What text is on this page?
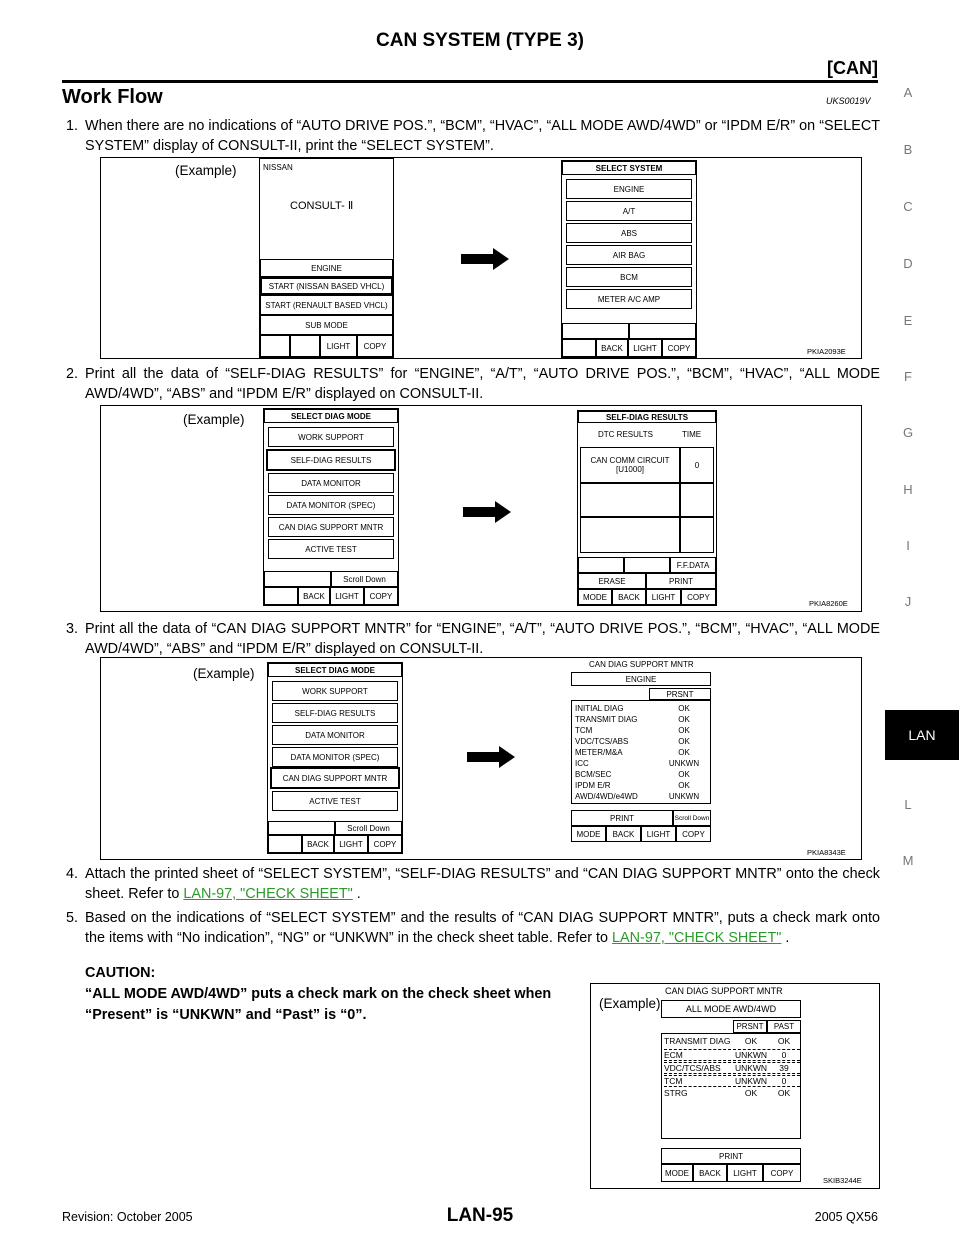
CAN SYSTEM (TYPE 3)
[CAN]
Work Flow	UKS0019V
1. When there are no indications of “AUTO DRIVE POS.”, “BCM”, “HVAC”, “ALL MODE AWD/4WD” or “IPDM E/R” on “SELECT SYSTEM” display of CONSULT-II, print the “SELECT SYSTEM”.
(Example)	NISSAN
CONSULT- Ⅱ
ENGINE
START (NISSAN BASED VHCL)
START (RENAULT BASED VHCL)
SUB MODE
LIGHT	COPY
SELECT SYSTEM
ENGINE
A/T
ABS
AIR BAG
BCM
METER A/C AMP
BACK	LIGHT	COPY	PKIA2093E
2. Print all the data of “SELF-DIAG RESULTS” for “ENGINE”, “A/T”, “AUTO DRIVE POS.”, “BCM”, “HVAC”, “ALL MODE AWD/4WD”, “ABS” and “IPDM E/R” displayed on CONSULT-II.
(Example)	SELECT DIAG MODE
WORK SUPPORT
SELF-DIAG RESULTS
DATA MONITOR
DATA MONITOR (SPEC)
CAN DIAG SUPPORT MNTR
ACTIVE TEST
Scroll Down
BACK	LIGHT	COPY
SELF-DIAG RESULTS
DTC RESULTS	TIME
CAN COMM CIRCUIT
[U1000]	0
F.F.DATA
ERASE	PRINT
MODE	BACK	LIGHT	COPY
PKIA8260E
3. Print all the data of “CAN DIAG SUPPORT MNTR” for “ENGINE”, “A/T”, “AUTO DRIVE POS.”, “BCM”, “HVAC”, “ALL MODE AWD/4WD”, “ABS” and “IPDM E/R” displayed on CONSULT-II.
(Example)	SELECT DIAG MODE
WORK SUPPORT
SELF-DIAG RESULTS
DATA MONITOR
DATA MONITOR (SPEC)
CAN DIAG SUPPORT MNTR
ACTIVE TEST
Scroll Down
BACK	LIGHT	COPY
CAN DIAG SUPPORT MNTR
ENGINE
PRSNT
INITIAL DIAG	OK
TRANSMIT DIAG	OK
TCM	OK
VDC/TCS/ABS	OK
METER/M&A	OK
ICC	UNKWN
BCM/SEC	OK
IPDM E/R	OK
AWD/4WD/e4WD	UNKWN
PRINT	Scroll Down
MODE	BACK	LIGHT	COPY
PKIA8343E
4. Attach the printed sheet of “SELECT SYSTEM”, “SELF-DIAG RESULTS” and “CAN DIAG SUPPORT MNTR” onto the check sheet. Refer to LAN-97, "CHECK SHEET" .
5. Based on the indications of “SELECT SYSTEM” and the results of “CAN DIAG SUPPORT MNTR”, puts a check mark onto the items with “No indication”, “NG” or “UNKWN” in the check sheet table. Refer to LAN-97, "CHECK SHEET" .
CAUTION:
“ALL MODE AWD/4WD” puts a check mark on the check sheet when “Present” is “UNKWN” and “Past” is “0”.
(Example)
CAN DIAG SUPPORT MNTR
ALL MODE AWD/4WD
PRSNT	PAST
TRANSMIT DIAG	OK	OK
ECM	UNKWN	0
VDC/TCS/ABS	UNKWN	39
TCM	UNKWN	0
STRG	OK	OK
PRINT
MODE	BACK	LIGHT	COPY
SKIB3244E
A
B
C
D
E
F
G
H
I
J
LAN
L
M
Revision: October 2005	LAN-95	2005 QX56
